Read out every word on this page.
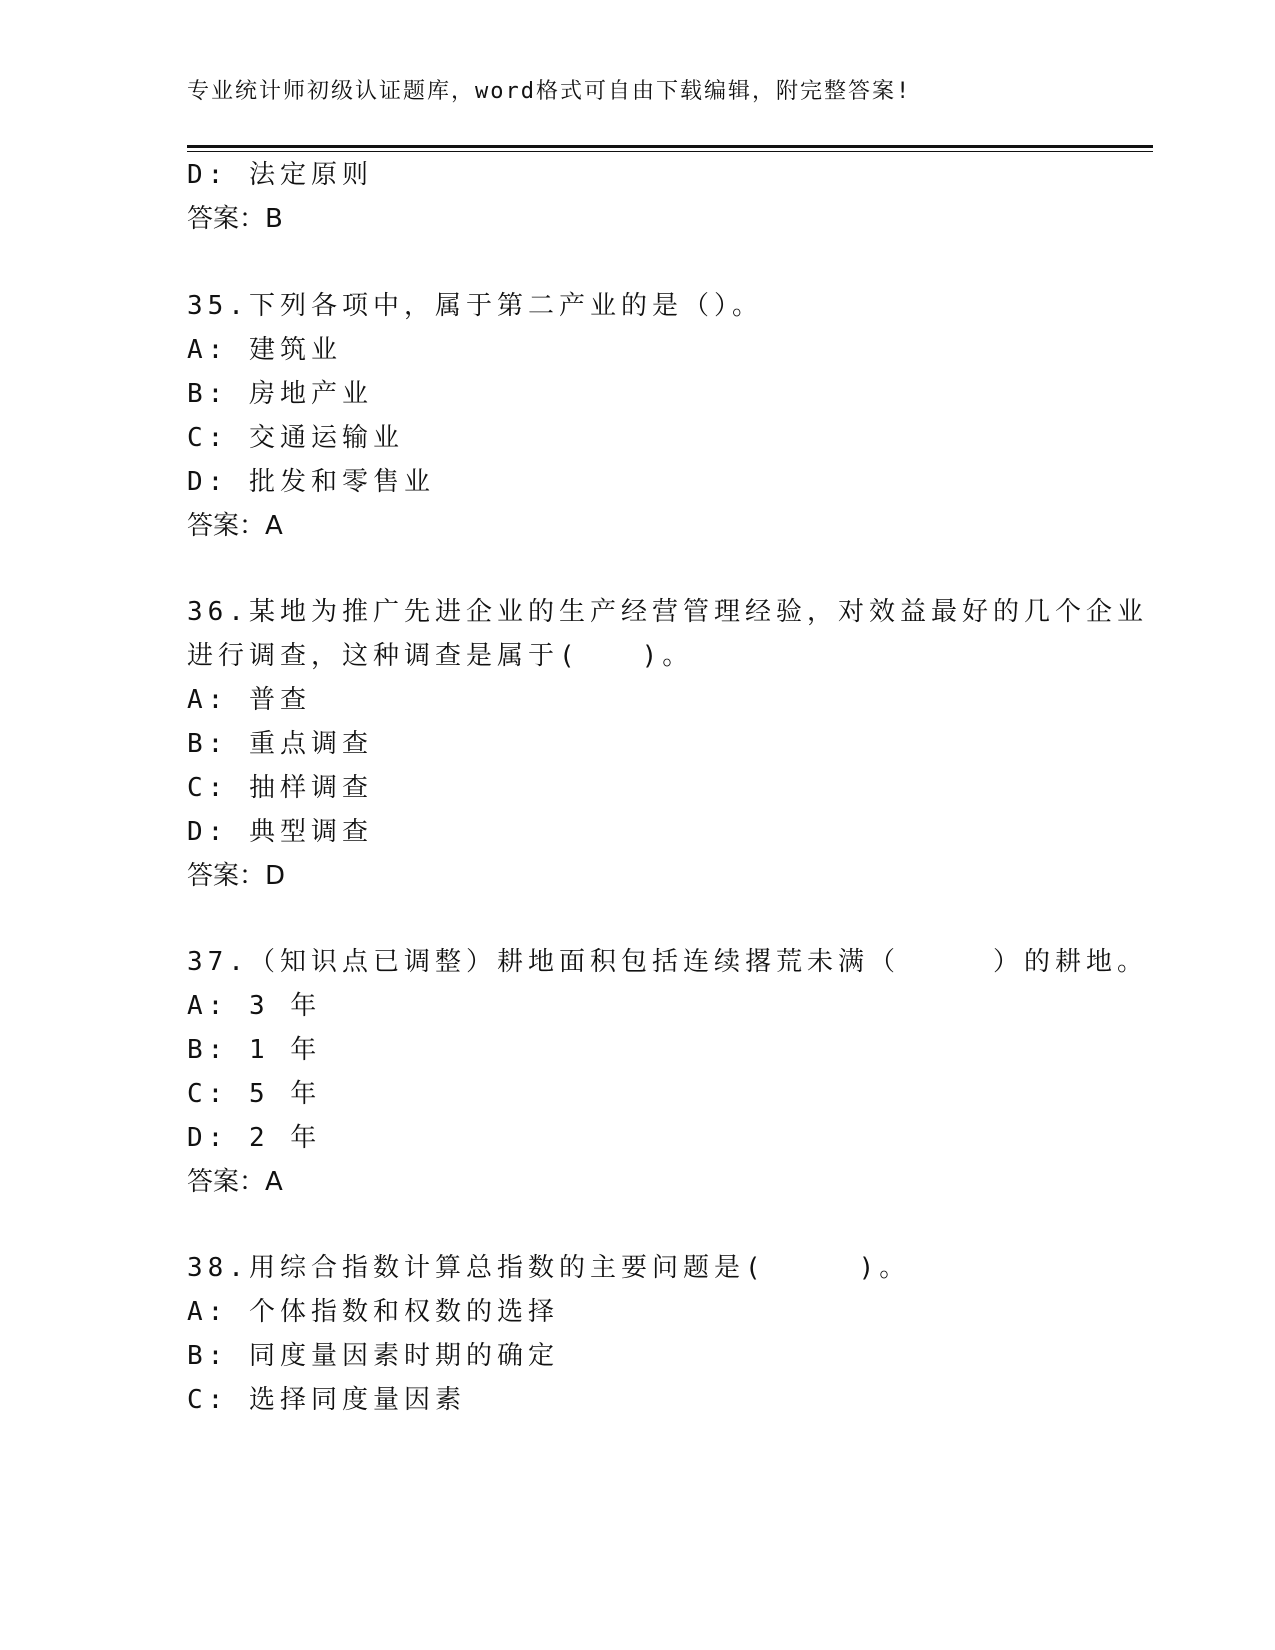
专业统计师初级认证题库，word格式可自由下载编辑，附完整答案!
D: 法定原则
答案：B
35.下列各项中，属于第二产业的是（）。
A: 建筑业
B: 房地产业
C: 交通运输业
D: 批发和零售业
答案：A
36.某地为推广先进企业的生产经营管理经验，对效益最好的几个企业
进行调查，这种调查是属于(　　)。
A: 普查
B: 重点调查
C: 抽样调查
D: 典型调查
答案：D
37.（知识点已调整）耕地面积包括连续撂荒未满（　　　）的耕地。
A: 3 年
B: 1 年
C: 5 年
D: 2 年
答案：A
38.用综合指数计算总指数的主要问题是(　　　)。
A: 个体指数和权数的选择
B: 同度量因素时期的确定
C: 选择同度量因素
